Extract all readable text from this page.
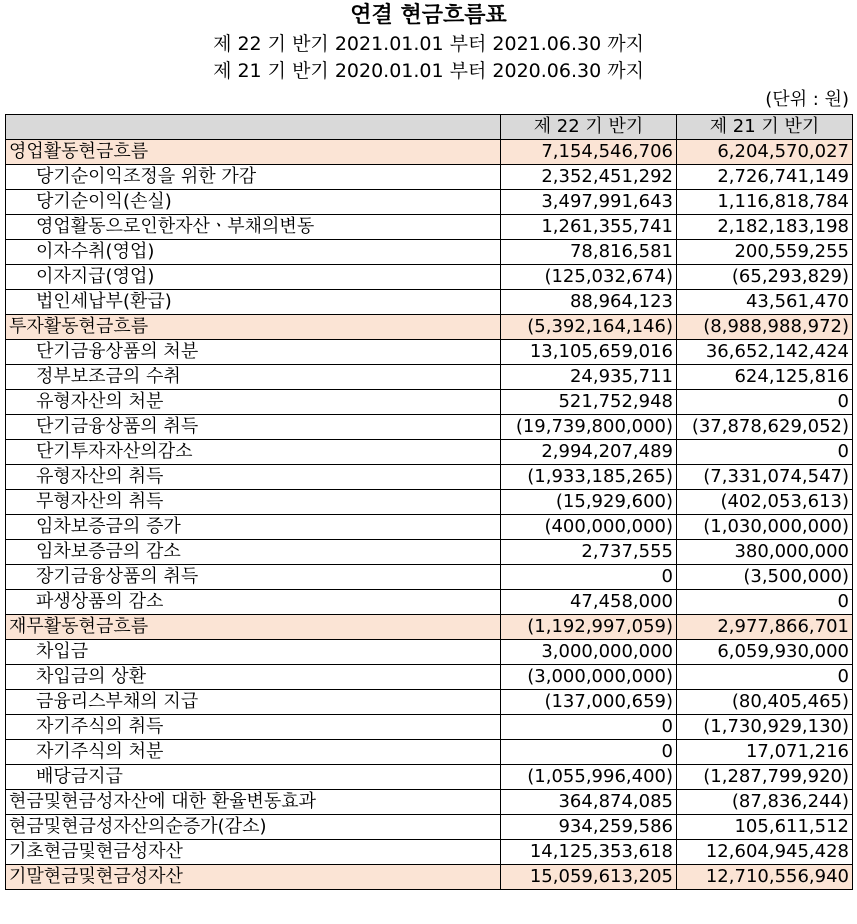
연결 현금흐름표
제 22 기 반기 2021.01.01 부터 2021.06.30 까지
제 21 기 반기 2020.01.01 부터 2020.06.30 까지
(단위 : 원)
	제 22 기 반기	제 21 기 반기
영업활동현금흐름	7,154,546,706	6,204,570,027
당기순이익조정을 위한 가감	2,352,451,292	2,726,741,149
당기순이익(손실)	3,497,991,643	1,116,818,784
영업활동으로인한자산ㆍ부채의변동	1,261,355,741	2,182,183,198
이자수취(영업)	78,816,581	200,559,255
이자지급(영업)	(125,032,674)	(65,293,829)
법인세납부(환급)	88,964,123	43,561,470
투자활동현금흐름	(5,392,164,146)	(8,988,988,972)
단기금융상품의 처분	13,105,659,016	36,652,142,424
정부보조금의 수취	24,935,711	624,125,816
유형자산의 처분	521,752,948	0
단기금융상품의 취득	(19,739,800,000)	(37,878,629,052)
단기투자자산의감소	2,994,207,489	0
유형자산의 취득	(1,933,185,265)	(7,331,074,547)
무형자산의 취득	(15,929,600)	(402,053,613)
임차보증금의 증가	(400,000,000)	(1,030,000,000)
임차보증금의 감소	2,737,555	380,000,000
장기금융상품의 취득	0	(3,500,000)
파생상품의 감소	47,458,000	0
재무활동현금흐름	(1,192,997,059)	2,977,866,701
차입금	3,000,000,000	6,059,930,000
차입금의 상환	(3,000,000,000)	0
금융리스부채의 지급	(137,000,659)	(80,405,465)
자기주식의 취득	0	(1,730,929,130)
자기주식의 처분	0	17,071,216
배당금지급	(1,055,996,400)	(1,287,799,920)
현금및현금성자산에 대한 환율변동효과	364,874,085	(87,836,244)
현금및현금성자산의순증가(감소)	934,259,586	105,611,512
기초현금및현금성자산	14,125,353,618	12,604,945,428
기말현금및현금성자산	15,059,613,205	12,710,556,940
